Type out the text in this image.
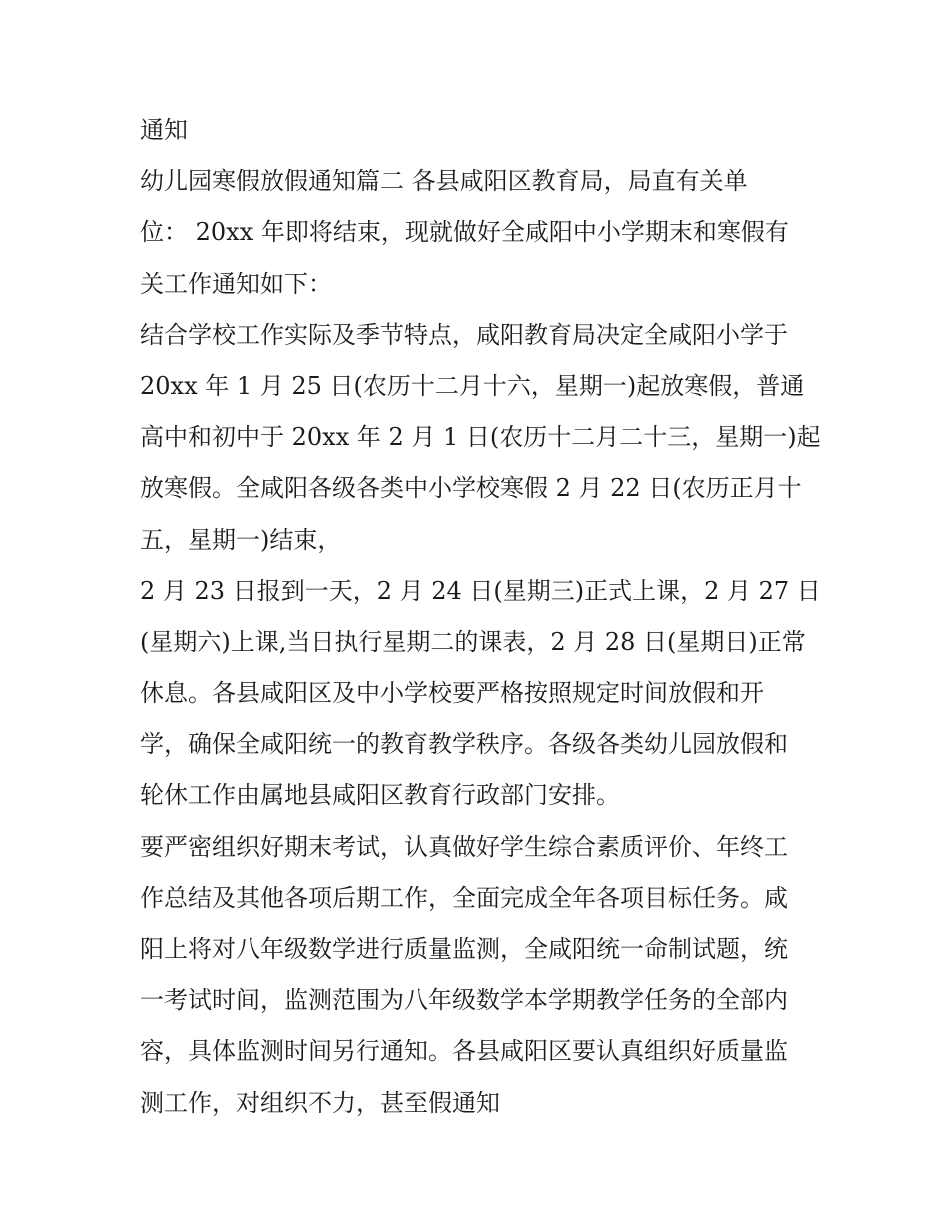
通知

幼儿园寒假放假通知篇二 各县咸阳区教育局，局直有关单

位： 20xx 年即将结束，现就做好全咸阳中小学期末和寒假有

关工作通知如下：

结合学校工作实际及季节特点，咸阳教育局决定全咸阳小学于

20xx 年 1 月 25 日(农历十二月十六，星期一)起放寒假，普通

高中和初中于 20xx 年 2 月 1 日(农历十二月二十三，星期一)起

放寒假。全咸阳各级各类中小学校寒假 2 月 22 日(农历正月十

五，星期一)结束，

2 月 23 日报到一天，2 月 24 日(星期三)正式上课，2 月 27 日

(星期六)上课,当日执行星期二的课表，2 月 28 日(星期日)正常

休息。各县咸阳区及中小学校要严格按照规定时间放假和开

学，确保全咸阳统一的教育教学秩序。各级各类幼儿园放假和

轮休工作由属地县咸阳区教育行政部门安排。

要严密组织好期末考试，认真做好学生综合素质评价、年终工

作总结及其他各项后期工作，全面完成全年各项目标任务。咸

阳上将对八年级数学进行质量监测，全咸阳统一命制试题，统

一考试时间，监测范围为八年级数学本学期教学任务的全部内

容，具体监测时间另行通知。各县咸阳区要认真组织好质量监

测工作，对组织不力，甚至假通知
